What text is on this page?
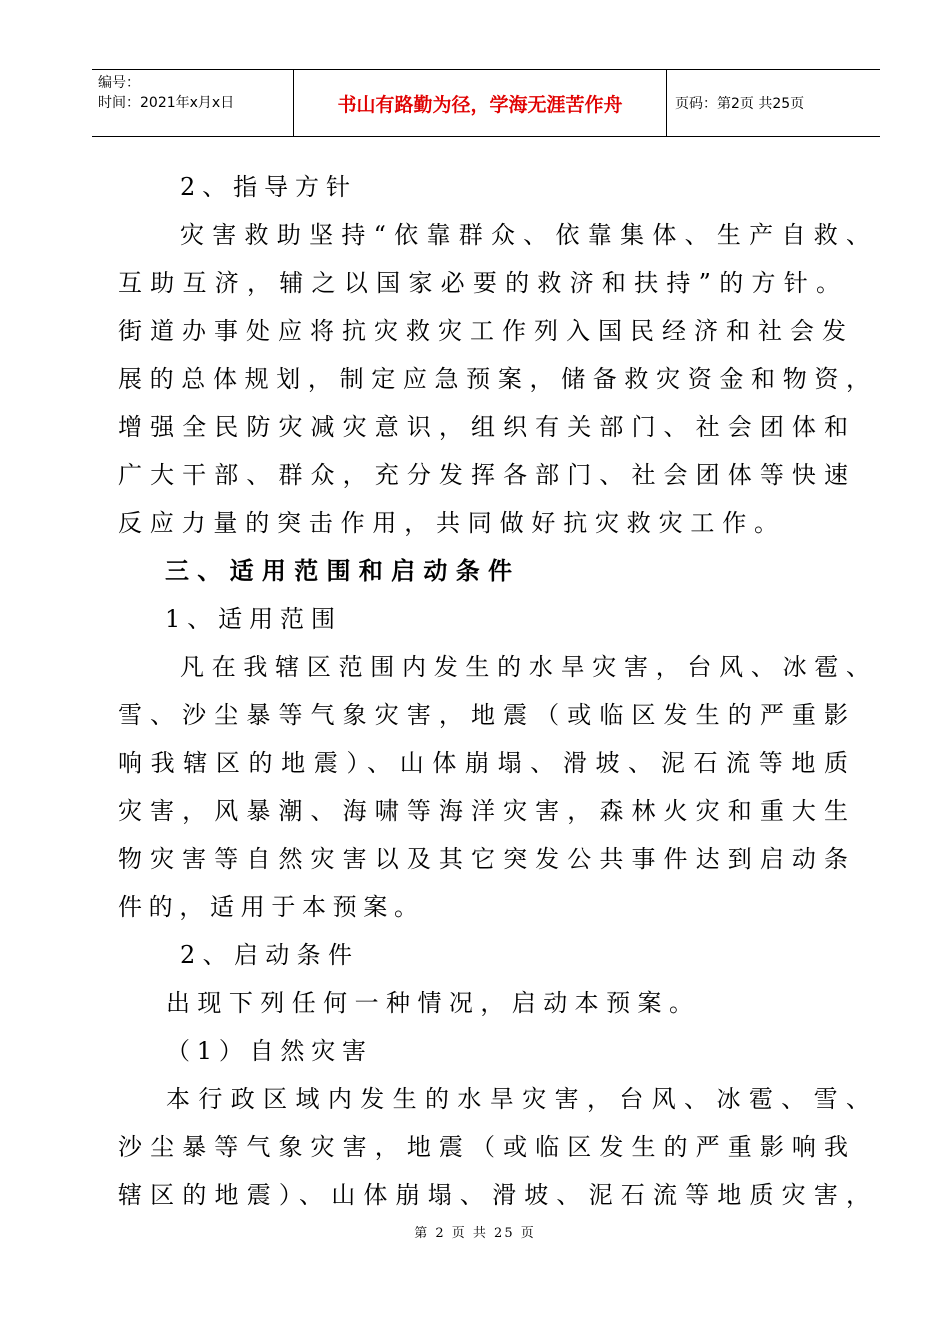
编号：
时间：2021年x月x日	书山有路勤为径，学海无涯苦作舟	页码：第2页 共25页
2、指导方针
灾害救助坚持“依靠群众、依靠集体、生产自救、
互助互济，辅之以国家必要的救济和扶持”的方针。
街道办事处应将抗灾救灾工作列入国民经济和社会发
展的总体规划，制定应急预案，储备救灾资金和物资，
增强全民防灾减灾意识，组织有关部门、社会团体和
广大干部、群众，充分发挥各部门、社会团体等快速
反应力量的突击作用，共同做好抗灾救灾工作。
三、适用范围和启动条件
1、适用范围
凡在我辖区范围内发生的水旱灾害，台风、冰雹、
雪、沙尘暴等气象灾害，地震（或临区发生的严重影
响我辖区的地震）、山体崩塌、滑坡、泥石流等地质
灾害，风暴潮、海啸等海洋灾害，森林火灾和重大生
物灾害等自然灾害以及其它突发公共事件达到启动条
件的，适用于本预案。
2、启动条件
出现下列任何一种情况，启动本预案。
（1）自然灾害
本行政区域内发生的水旱灾害，台风、冰雹、雪、
沙尘暴等气象灾害，地震（或临区发生的严重影响我
辖区的地震）、山体崩塌、滑坡、泥石流等地质灾害，
第 2 页 共 25 页
